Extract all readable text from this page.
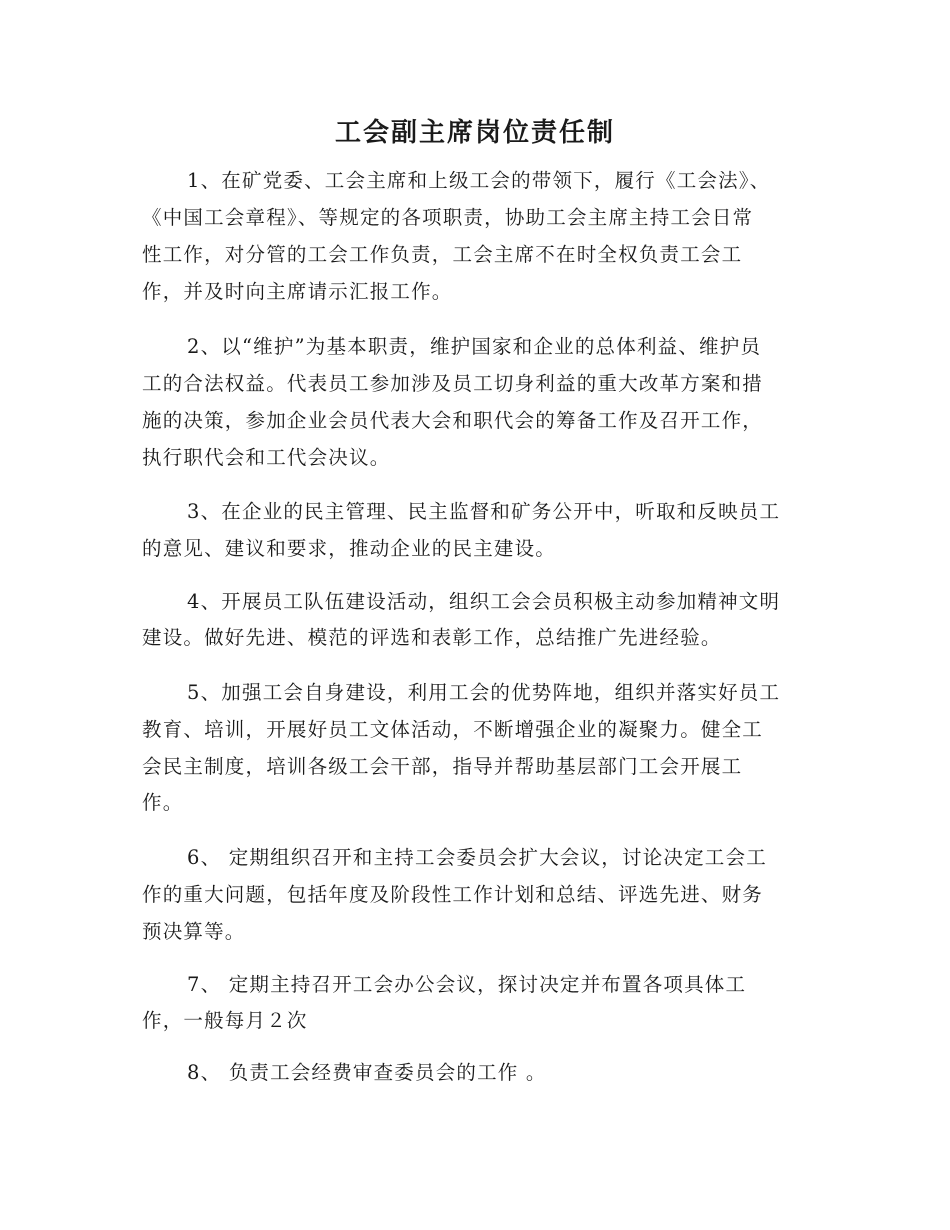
工会副主席岗位责任制
1、在矿党委、工会主席和上级工会的带领下，履行《工会法》、
《中国工会章程》、等规定的各项职责，协助工会主席主持工会日常
性工作，对分管的工会工作负责，工会主席不在时全权负责工会工
作，并及时向主席请示汇报工作。
2、以“维护”为基本职责，维护国家和企业的总体利益、维护员
工的合法权益。代表员工参加涉及员工切身利益的重大改革方案和措
施的决策，参加企业会员代表大会和职代会的筹备工作及召开工作，
执行职代会和工代会决议。
3、在企业的民主管理、民主监督和矿务公开中，听取和反映员工
的意见、建议和要求，推动企业的民主建设。
4、开展员工队伍建设活动，组织工会会员积极主动参加精神文明
建设。做好先进、模范的评选和表彰工作，总结推广先进经验。
5、加强工会自身建设，利用工会的优势阵地，组织并落实好员工
教育、培训，开展好员工文体活动，不断增强企业的凝聚力。健全工
会民主制度，培训各级工会干部，指导并帮助基层部门工会开展工
作。
6、 定期组织召开和主持工会委员会扩大会议，讨论决定工会工
作的重大问题，包括年度及阶段性工作计划和总结、评选先进、财务
预决算等。
7、 定期主持召开工会办公会议，探讨决定并布置各项具体工
作，一般每月２次
8、 负责工会经费审查委员会的工作 。
